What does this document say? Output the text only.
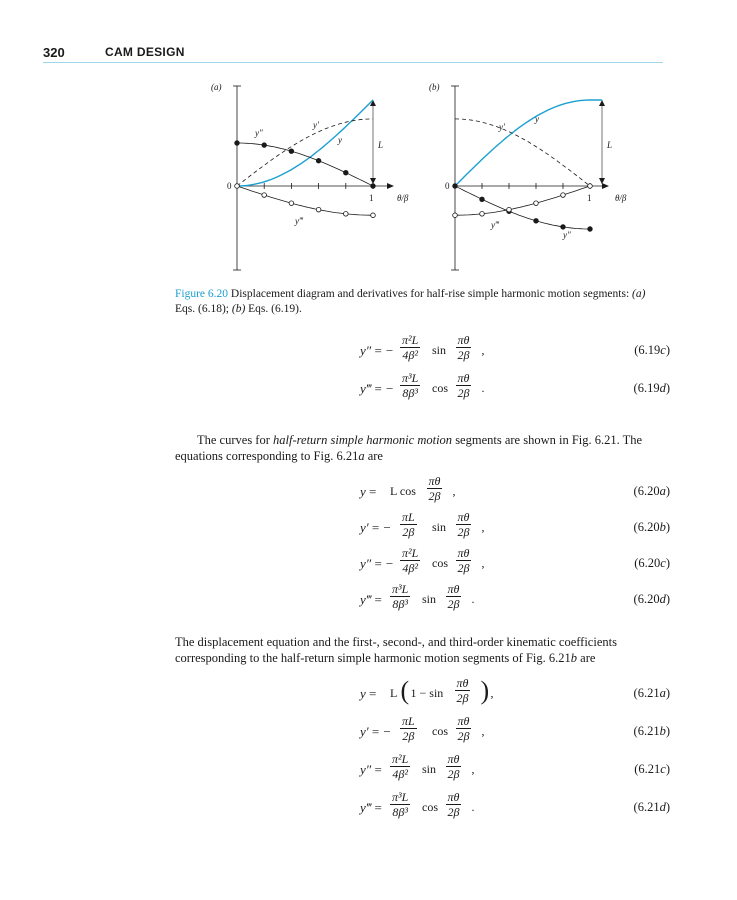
320	CAM DESIGN
(a)
0
1	θ/β
L
y″
y′
y
y‴
(b)
0
1	θ/β
L
y′
y
y‴
y″
Figure 6.20 Displacement diagram and derivatives for half-rise simple harmonic motion segments: (a) Eqs. (6.18); (b) Eqs. (6.19).
y″ = − $\frac{\text{π²L}}{\text{4β²}}$ $\sin \frac{\pi\theta}{2\beta}$ ,	(6.19c)
y‴ = − $\frac{\text{π³L}}{\text{8β³}}$ $\cos \frac{\pi\theta}{2\beta}$ .	(6.19d)
The curves for half-return simple harmonic motion segments are shown in Fig. 6.21. The equations corresponding to Fig. 6.21a are
y = L $\cos \frac{\pi\theta}{2\beta}$ ,	(6.20a)
y′ = − $\frac{\pi L}{2\beta}$ $\sin \frac{\pi\theta}{2\beta}$ ,	(6.20b)
y″ = − $\frac{\text{π²L}}{\text{4β²}}$ $\cos \frac{\pi\theta}{2\beta}$ ,	(6.20c)
y‴ = $\frac{\text{π³L}}{\text{8β³}}$ $\sin \frac{\pi\theta}{2\beta}$ .	(6.20d)
The displacement equation and the first-, second-, and third-order kinematic coefficients corresponding to the half-return simple harmonic motion segments of Fig. 6.21b are
y = L ( $1 - \sin \frac{\pi\theta}{2\beta}$ ) ,	(6.21a)
y′ = − $\frac{\pi L}{2\beta}$ $\cos \frac{\pi\theta}{2\beta}$ ,	(6.21b)
$y'' = \frac{\text{π²L}}{\text{4β²}}$ $\sin \frac{\pi\theta}{2\beta}$ ,	(6.21c)
y‴ = $\frac{\text{π³L}}{\text{8β³}}$ $\cos \frac{\pi\theta}{2\beta}$ .	(6.21d)
